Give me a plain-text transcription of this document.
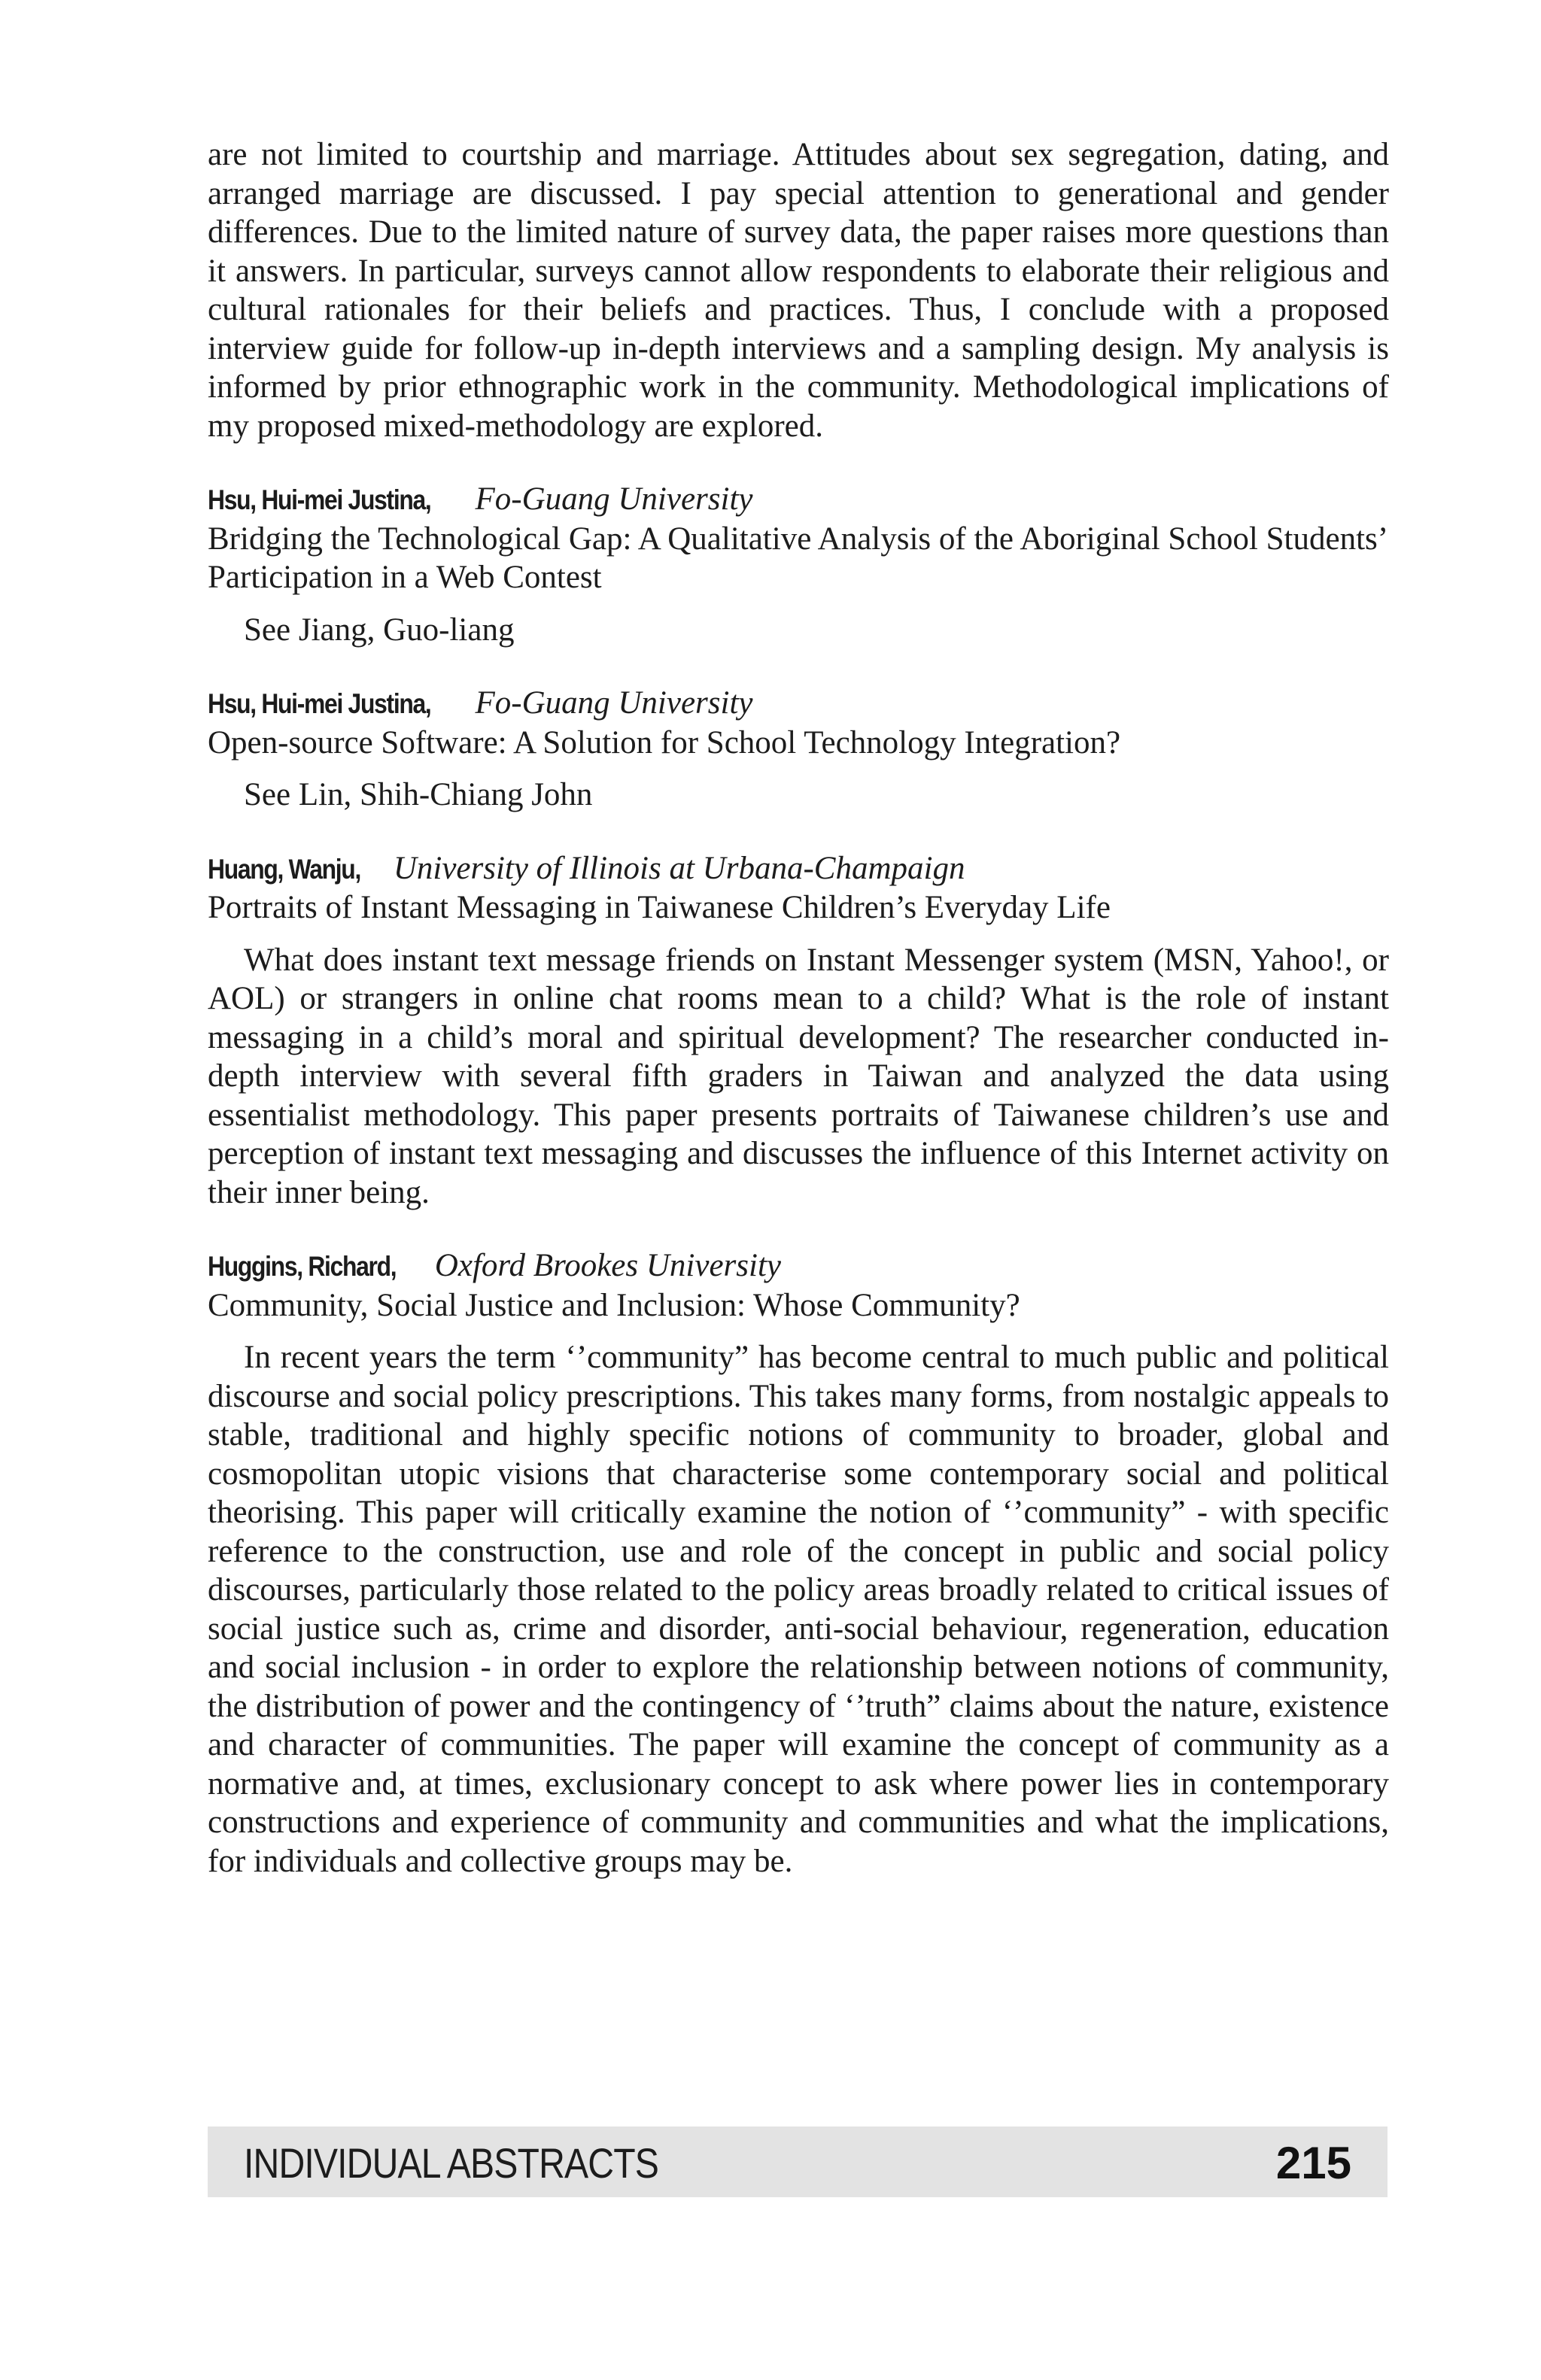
are not limited to courtship and marriage. Attitudes about sex segregation, dating, and arranged marriage are discussed. I pay special attention to generational and gender differences. Due to the limited nature of survey data, the paper raises more questions than it answers. In particular, surveys cannot allow respondents to elaborate their religious and cultural rationales for their beliefs and practices. Thus, I conclude with a proposed interview guide for follow-up in-depth interviews and a sampling design. My analysis is informed by prior ethnographic work in the community. Methodological implications of my proposed mixed-methodology are explored.

Hsu, Hui-mei Justina, Fo-Guang University

Bridging the Technological Gap: A Qualitative Analysis of the Aboriginal School Students’ Participation in a Web Contest

See Jiang, Guo-liang

Hsu, Hui-mei Justina, Fo-Guang University

Open-source Software: A Solution for School Technology Integration?

See Lin, Shih-Chiang John

Huang, Wanju, University of Illinois at Urbana-Champaign

Portraits of Instant Messaging in Taiwanese Children’s Everyday Life

What does instant text message friends on Instant Messenger system (MSN, Yahoo!, or AOL) or strangers in online chat rooms mean to a child? What is the role of instant messaging in a child’s moral and spiritual development? The researcher conducted in-depth interview with several fifth graders in Taiwan and analyzed the data using essentialist methodology. This paper presents portraits of Taiwanese children’s use and perception of instant text messaging and discusses the influence of this Internet activity on their inner being.

Huggins, Richard, Oxford Brookes University

Community, Social Justice and Inclusion: Whose Community?

In recent years the term ‘’community” has become central to much public and political discourse and social policy prescriptions. This takes many forms, from nostalgic appeals to stable, traditional and highly specific notions of community to broader, global and cosmopolitan utopic visions that characterise some contemporary social and political theorising. This paper will critically examine the notion of ‘’community” - with specific reference to the construction, use and role of the concept in public and social policy discourses, particularly those related to the policy areas broadly related to critical issues of social justice such as, crime and disorder, anti-social behaviour, regeneration, education and social inclusion - in order to explore the relationship between notions of community, the distribution of power and the contingency of ‘’truth” claims about the nature, existence and character of communities. The paper will examine the concept of community as a normative and, at times, exclusionary concept to ask where power lies in contemporary constructions and experience of community and communities and what the implications, for individuals and collective groups may be.

INDIVIDUAL ABSTRACTS	215
